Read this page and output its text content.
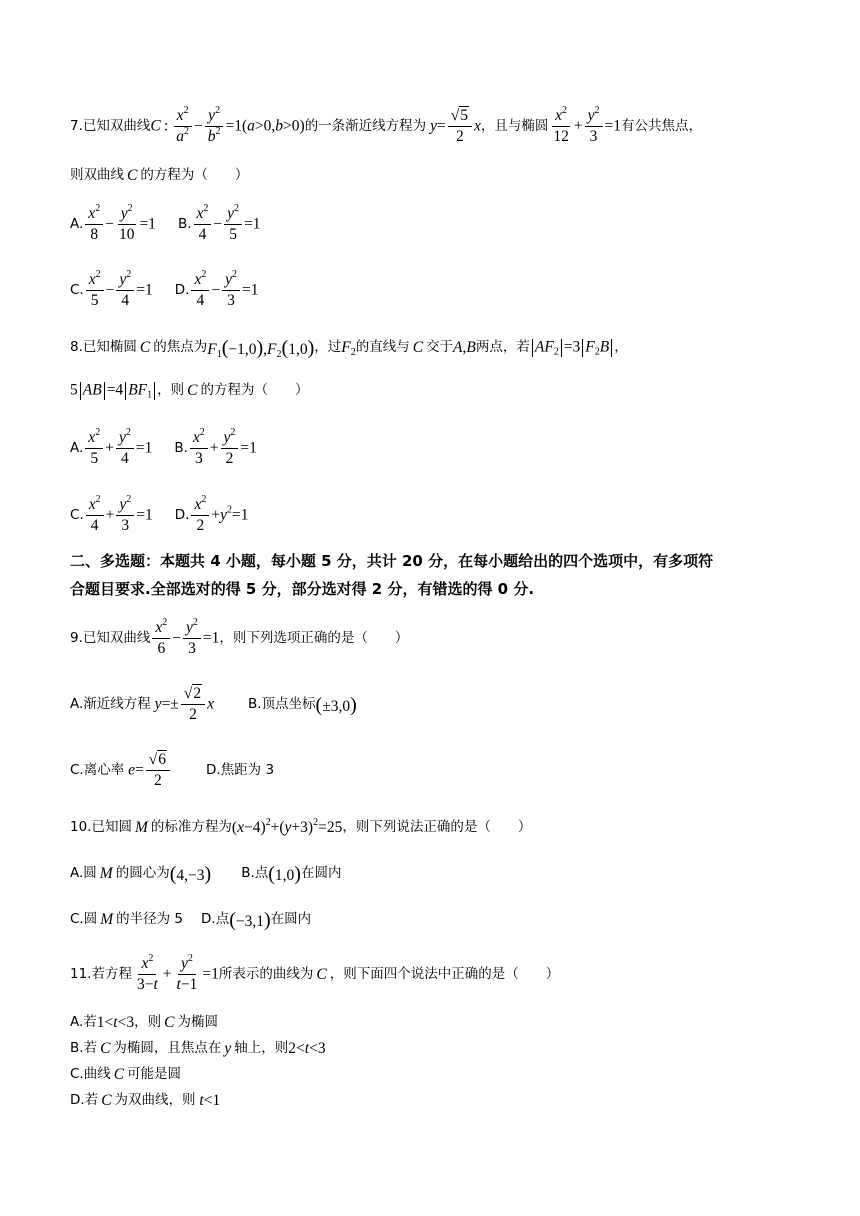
7.已知双曲线 C :  $\frac{x^2}{a^2} - \frac{y^2}{b^2} =1(a>0,b>0)$ 的一条渐近线方程为 $y= \frac{√5}{2}$ x ，且与椭圆 $\frac{x^2}{12} + \frac{y^2}{3} =1$ 有公共焦点，
则双曲线 C 的方程为（　　）
A. $\frac{x^2}{8} - \frac{y^2}{10} =1$ B. $\frac{x^2}{4} - \frac{y^2}{5} =1$
C. $\frac{x^2}{5} - \frac{y^2}{4} =1$ D. $\frac{x^2}{4} - \frac{y^2}{3} =1$
8.已知椭圆 C 的焦点为 $F_1(-1,0),F_2(1,0)$ ，过 $F_2$ 的直线与 C 交于 A , B 两点，若 $AF_2 =3$ $F_2B$ ，
5 AB =4 $BF_1$ ，则 C 的方程为（　　）
A. $\frac{x^2}{5} + \frac{y^2}{4} =1$ B. $\frac{x^2}{3} + \frac{y^2}{2} =1$
C. $\frac{x^2}{4} + \frac{y^2}{3} =1$ D. $\frac{x^2}{2} +y^2=1$
二、多选题：本题共 4 小题，每小题 5 分，共计 20 分，在每小题给出的四个选项中，有多项符
合题目要求.全部选对的得 5 分，部分选对得 2 分，有错选的得 0 分.
9.已知双曲线 $\frac{x^2}{6} - \frac{y^2}{3} =1$ ，则下列选项正确的是（　　）
A.渐近线方程 $y=\pm \frac{√2}{2}$ x	B.顶点坐标 (±3,0)
C.离心率 $e= \frac{√6}{2}$	D.焦距为 3
10.已知圆 M 的标准方程为 $(x-4)^2+(y+3)^2=25$ ，则下列说法正确的是（　　）
A.圆 M 的圆心为 (4,−3) B.点 (1,0) 在圆内
C.圆 M 的半径为 5 D.点 (−3,1) 在圆内
11.若方程 $\frac{x^2}{3-t} + \frac{y^2}{t-1} =1$ 所表示的曲线为 C ，则下面四个说法中正确的是（　　）
A.若 1<t<3 ，则 C 为椭圆
B.若 C 为椭圆，且焦点在 y 轴上，则 2<t<3
C.曲线 C 可能是圆
D.若 C 为双曲线，则 t<1
